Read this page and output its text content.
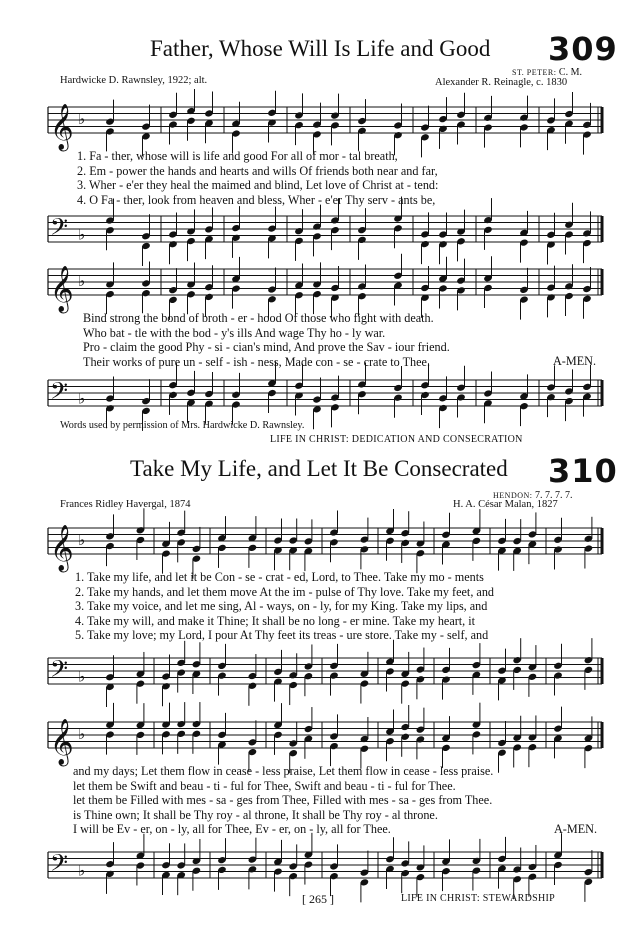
Father, Whose Will Is Life and Good 309
Hardwicke D. Rawnsley, 1922; alt.
ST. PETER: C. M.
Alexander R. Reinagle, c. 1830
𝄞 ♭
1. Fa - ther, whose will is life and good For all of mor - tal breath,
2. Em - power the hands and hearts and wills Of friends both near and far,
3. Wher - e'er they heal the maimed and blind, Let love of Christ at - tend:
4. O Fa - ther, look from heaven and bless, Wher - e'er Thy serv - ants be,
𝄢 ♭
𝄞 ♭
Bind strong the bond of broth - er - hood Of those who fight with death.
Who bat - tle with the bod - y's ills And wage Thy ho - ly war.
Pro - claim the good Phy - si - cian's mind, And prove the Sav - iour friend.
Their works of pure un - self - ish - ness, Made con - se - crate to Thee.	A-MEN.
𝄢 ♭
Words used by permission of Mrs. Hardwicke D. Rawnsley.
LIFE IN CHRIST: DEDICATION AND CONSECRATION
Take My Life, and Let It Be Consecrated 310
HENDON: 7. 7. 7. 7.
Frances Ridley Havergal, 1874	H. A. César Malan, 1827
𝄞 ♭
1. Take my life, and let it be Con - se - crat - ed, Lord, to Thee. Take my mo - ments
2. Take my hands, and let them move At the im - pulse of Thy love. Take my feet, and
3. Take my voice, and let me sing, Al - ways, on - ly, for my King. Take my lips, and
4. Take my will, and make it Thine; It shall be no long - er mine. Take my heart, it
5. Take my love; my Lord, I pour At Thy feet its treas - ure store. Take my - self, and
𝄢 ♭
𝄞 ♭
and my days; Let them flow in cease - less praise, Let them flow in cease - less praise.
let them be Swift and beau - ti - ful for Thee, Swift and beau - ti - ful for Thee.
let them be Filled with mes - sa - ges from Thee, Filled with mes - sa - ges from Thee.
is Thine own; It shall be Thy roy - al throne, It shall be Thy roy - al throne.
I will be Ev - er, on - ly, all for Thee, Ev - er, on - ly, all for Thee.	A-MEN.
𝄢 ♭
[ 265 ]	LIFE IN CHRIST: STEWARDSHIP
